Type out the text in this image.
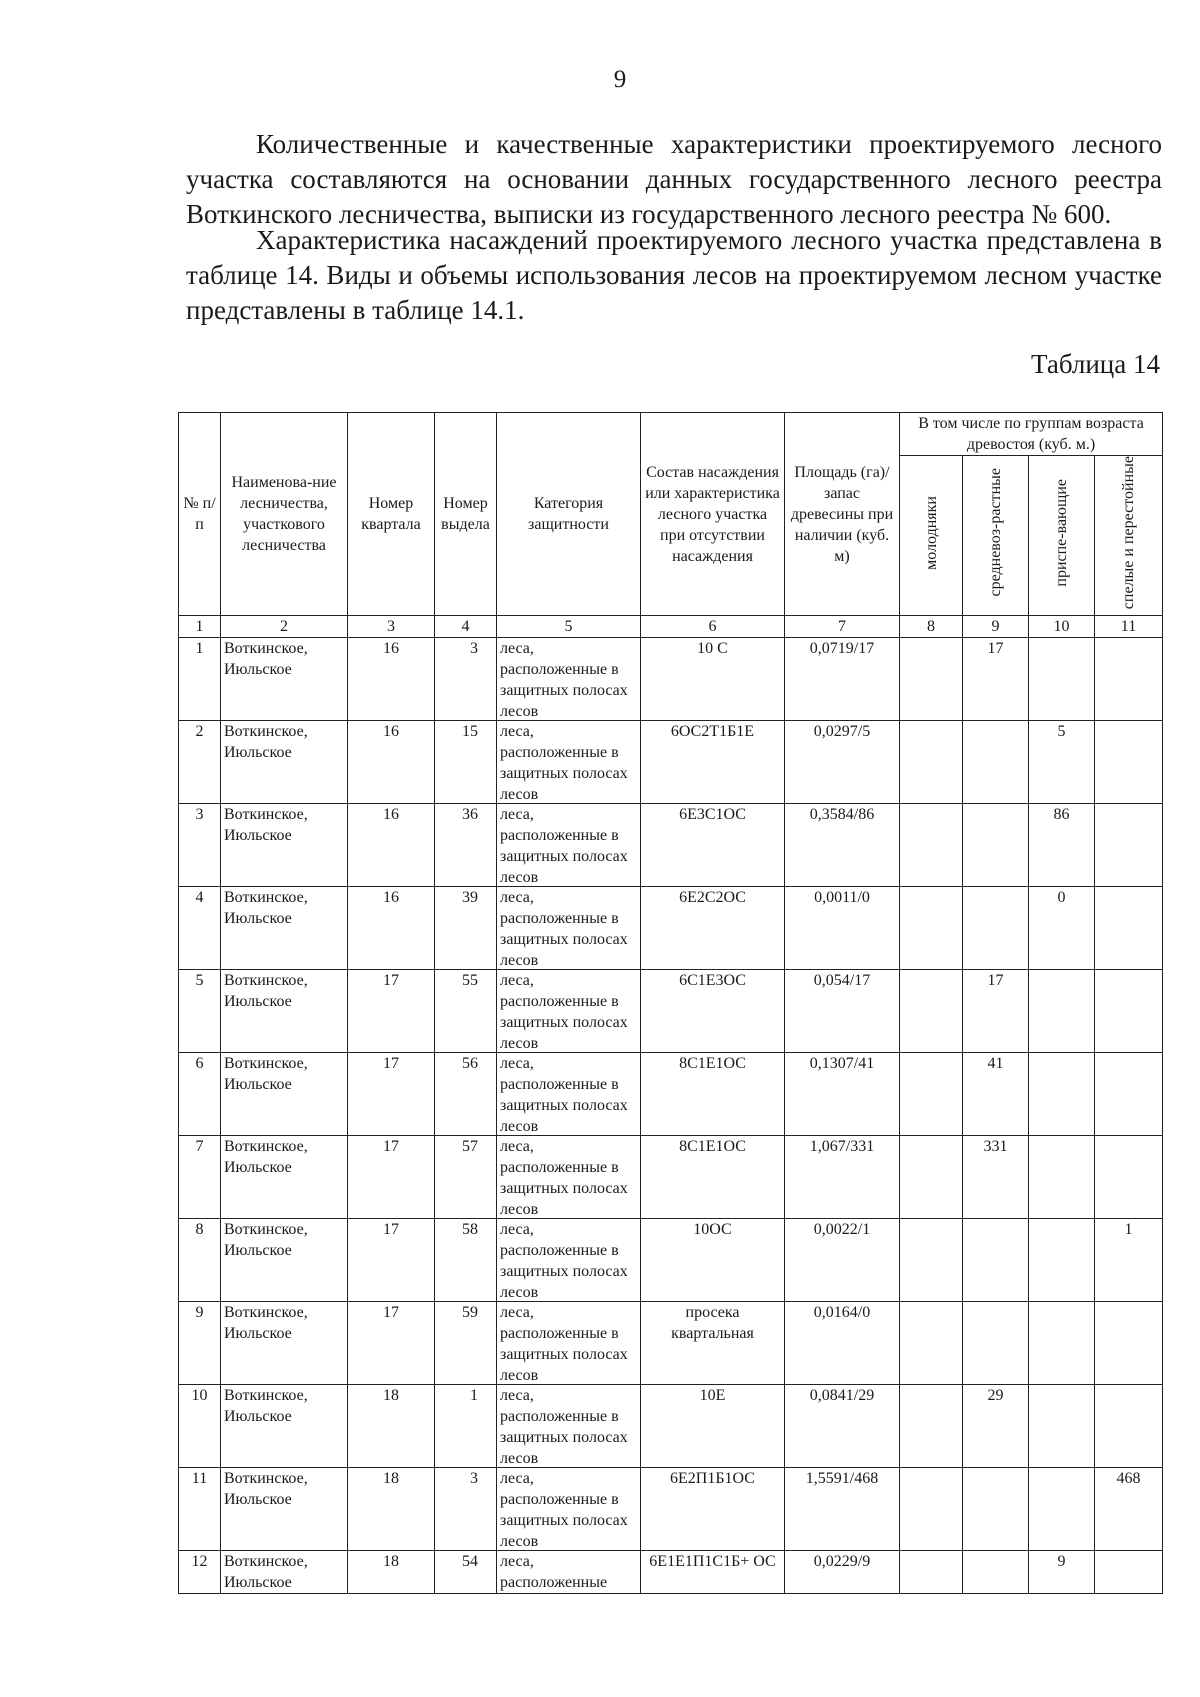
9

Количественные и качественные характеристики проектируемого лесного участка составляются на основании данных государственного лесного реестра Воткинского лесничества, выписки из государственного лесного реестра № 600.

Характеристика насаждений проектируемого лесного участка представлена в таблице 14. Виды и объемы использования лесов на проектируемом лесном участке представлены в таблице 14.1.

Таблица 14
№ п/п	Наименова-ние лесничества, участкового лесничества	Номер квартала	Номер выдела	Категория защитности	Состав насаждения или характеристика лесного участка при отсутствии насаждения	Площадь (га)/запас древесины при наличии (куб. м)	В том числе по группам возраста древостоя (куб. м.)			
							молодняки	средневоз-растные	приспе-вающие	спелые и перестойные
1	2	3	4	5	6	7	8	9	10	11
1	Воткинское, Июльское	16	3	леса, расположенные в защитных полосах лесов	10 С	0,0719/17		17		
2	Воткинское, Июльское	16	15	леса, расположенные в защитных полосах лесов	6ОС2Т1Б1Е	0,0297/5			5	
3	Воткинское, Июльское	16	36	леса, расположенные в защитных полосах лесов	6Е3С1ОС	0,3584/86			86	
4	Воткинское, Июльское	16	39	леса, расположенные в защитных полосах лесов	6Е2С2ОС	0,0011/0			0	
5	Воткинское, Июльское	17	55	леса, расположенные в защитных полосах лесов	6С1Е3ОС	0,054/17		17		
6	Воткинское, Июльское	17	56	леса, расположенные в защитных полосах лесов	8С1Е1ОС	0,1307/41		41		
7	Воткинское, Июльское	17	57	леса, расположенные в защитных полосах лесов	8С1Е1ОС	1,067/331		331		
8	Воткинское, Июльское	17	58	леса, расположенные в защитных полосах лесов	10ОС	0,0022/1				1
9	Воткинское, Июльское	17	59	леса, расположенные в защитных полосах лесов	просека квартальная	0,0164/0				
10	Воткинское, Июльское	18	1	леса, расположенные в защитных полосах лесов	10Е	0,0841/29		29		
11	Воткинское, Июльское	18	3	леса, расположенные в защитных полосах лесов	6Е2П1Б1ОС	1,5591/468				468
12	Воткинское, Июльское	18	54	леса, расположенные	6Е1Е1П1С1Б+ ОС	0,0229/9			9	
